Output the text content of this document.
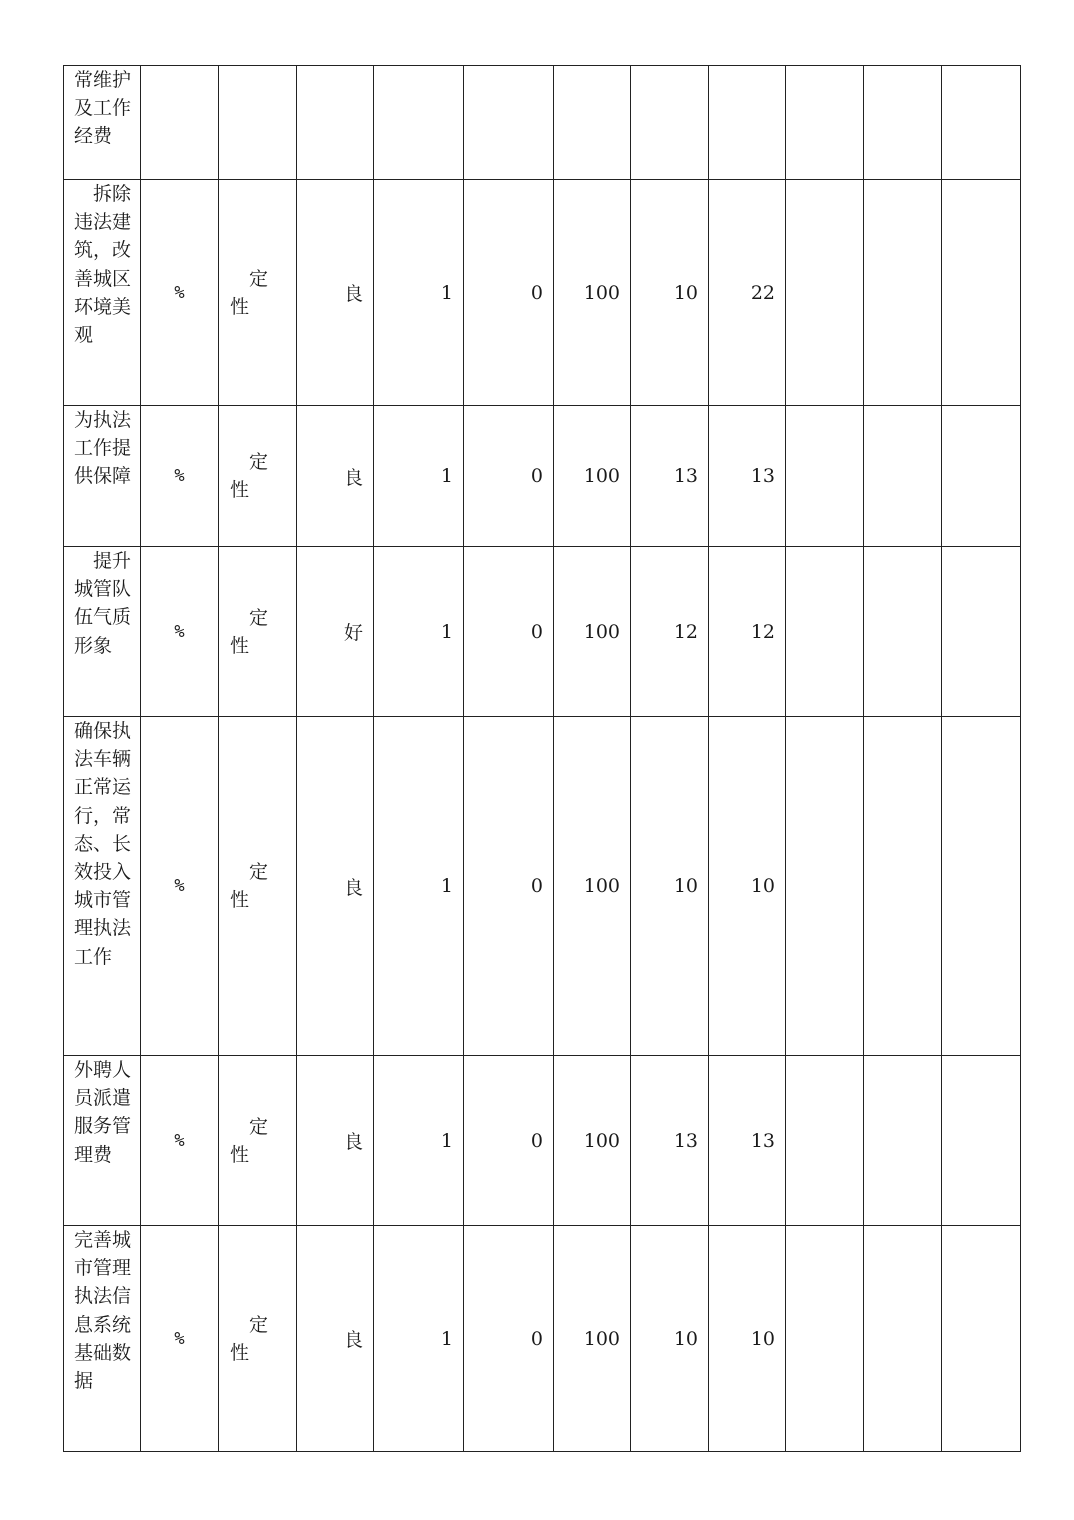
常维护及工作经费											

拆除违法建筑，改善城区环境美观	%	定性	良	1	0	100	10	22			

为执法工作提供保障	%	定性	良	1	0	100	13	13			

提升城管队伍气质形象	%	定性	好	1	0	100	12	12			

确保执法车辆正常运行，常态、长效投入城市管理执法工作	%	定性	良	1	0	100	10	10			

外聘人员派遣服务管理费	%	定性	良	1	0	100	13	13			

完善城市管理执法信息系统基础数据	%	定性	良	1	0	100	10	10			
